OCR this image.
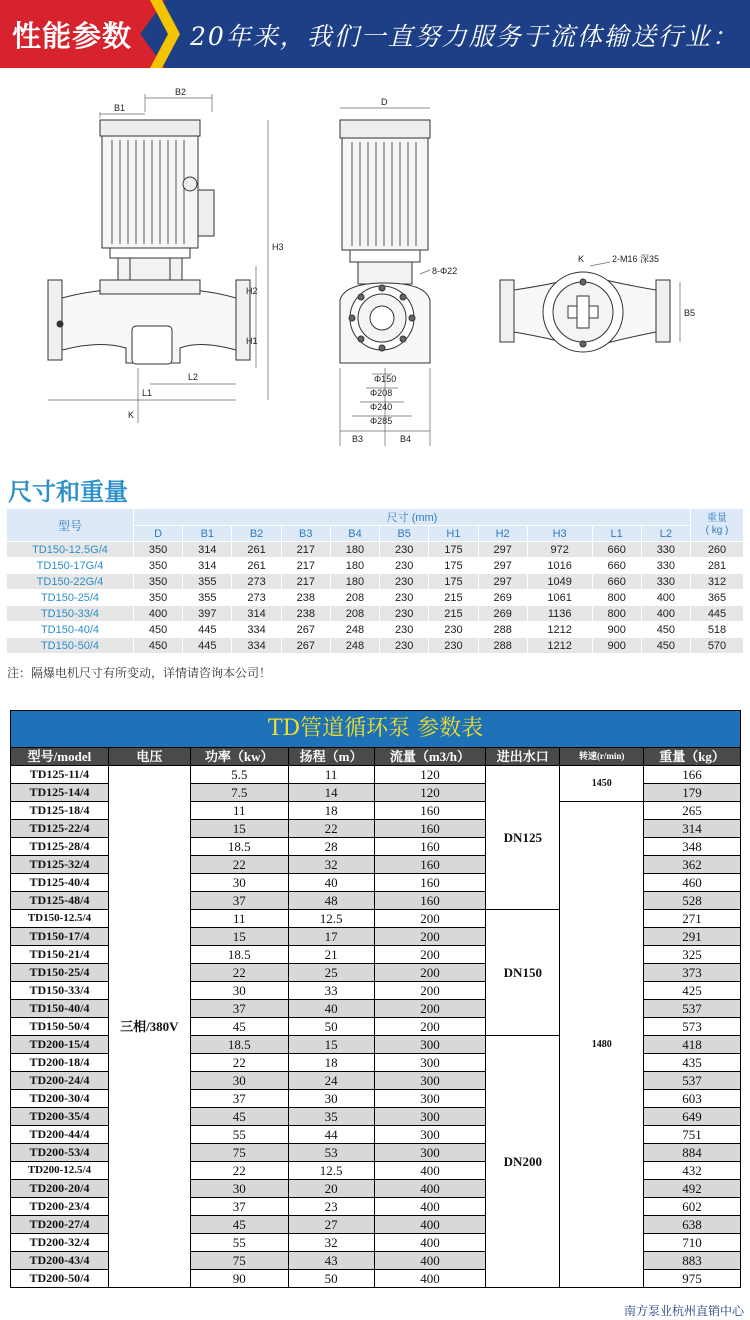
性能参数 20年来，我们一直努力服务于流体输送行业：
B2
B1
H3
H2
H1
L2
L1
K
D
8-Φ22
Φ150
Φ208
Φ240
Φ285
B3	B4
K	2-M16 深35
B5
尺寸和重量
型号	尺寸 (mm)											重量
( kg )

	D	B1	B2	B3	B4	B5	H1	H2	H3	L1	L2	
TD150-12.5G/4	350	314	261	217	180	230	175	297	972	660	330	260
TD150-17G/4	350	314	261	217	180	230	175	297	1016	660	330	281
TD150-22G/4	350	355	273	217	180	230	175	297	1049	660	330	312
TD150-25/4	350	355	273	238	208	230	215	269	1061	800	400	365
TD150-33/4	400	397	314	238	208	230	215	269	1136	800	400	445
TD150-40/4	450	445	334	267	248	230	230	288	1212	900	450	518
TD150-50/4	450	445	334	267	248	230	230	288	1212	900	450	570
注：隔爆电机尺寸有所变动，详情请咨询本公司！
TD管道循环泵 参数表							
型号/model	电压	功率（kw）	扬程（m）	流量（m3/h）	进出水口	转速(r/min)	重量（kg）
TD125-11/4	三相/380V	5.5	11	120	DN125	1450	166
TD125-14/4		7.5	14	120			179
TD125-18/4		11	18	160		1480	265
TD125-22/4		15	22	160			314
TD125-28/4		18.5	28	160			348
TD125-32/4		22	32	160			362
TD125-40/4		30	40	160			460
TD125-48/4		37	48	160			528
TD150-12.5/4		11	12.5	200	DN150		271
TD150-17/4		15	17	200			291
TD150-21/4		18.5	21	200			325
TD150-25/4		22	25	200			373
TD150-33/4		30	33	200			425
TD150-40/4		37	40	200			537
TD150-50/4		45	50	200			573
TD200-15/4		18.5	15	300	DN200		418
TD200-18/4		22	18	300			435
TD200-24/4		30	24	300			537
TD200-30/4		37	30	300			603
TD200-35/4		45	35	300			649
TD200-44/4		55	44	300			751
TD200-53/4		75	53	300			884
TD200-12.5/4		22	12.5	400			432
TD200-20/4		30	20	400			492
TD200-23/4		37	23	400			602
TD200-27/4		45	27	400			638
TD200-32/4		55	32	400			710
TD200-43/4		75	43	400			883
TD200-50/4		90	50	400			975
南方泵业杭州直销中心
